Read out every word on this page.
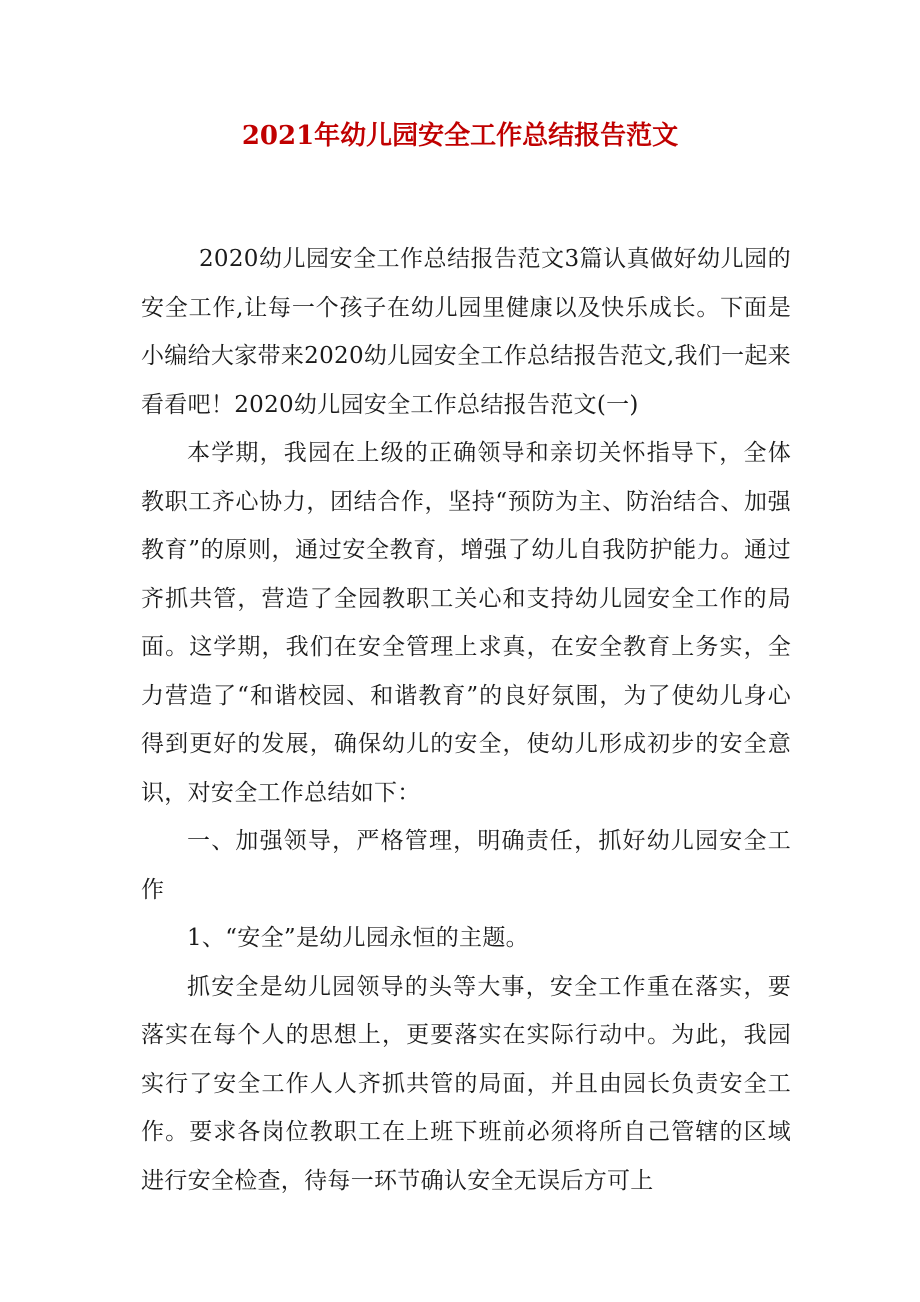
2021年幼儿园安全工作总结报告范文

2020幼儿园安全工作总结报告范文3篇认真做好幼儿园的安全工作,让每一个孩子在幼儿园里健康以及快乐成长。下面是小编给大家带来2020幼儿园安全工作总结报告范文,我们一起来看看吧！2020幼儿园安全工作总结报告范文(一)

本学期，我园在上级的正确领导和亲切关怀指导下，全体教职工齐心协力，团结合作，坚持“预防为主、防治结合、加强教育”的原则，通过安全教育，增强了幼儿自我防护能力。通过齐抓共管，营造了全园教职工关心和支持幼儿园安全工作的局面。这学期，我们在安全管理上求真，在安全教育上务实，全力营造了“和谐校园、和谐教育”的良好氛围，为了使幼儿身心得到更好的发展，确保幼儿的安全，使幼儿形成初步的安全意识，对安全工作总结如下：

一、加强领导，严格管理，明确责任，抓好幼儿园安全工作

1、“安全”是幼儿园永恒的主题。

抓安全是幼儿园领导的头等大事，安全工作重在落实，要落实在每个人的思想上，更要落实在实际行动中。为此，我园实行了安全工作人人齐抓共管的局面，并且由园长负责安全工作。要求各岗位教职工在上班下班前必须将所自己管辖的区域进行安全检查，待每一环节确认安全无误后方可上
